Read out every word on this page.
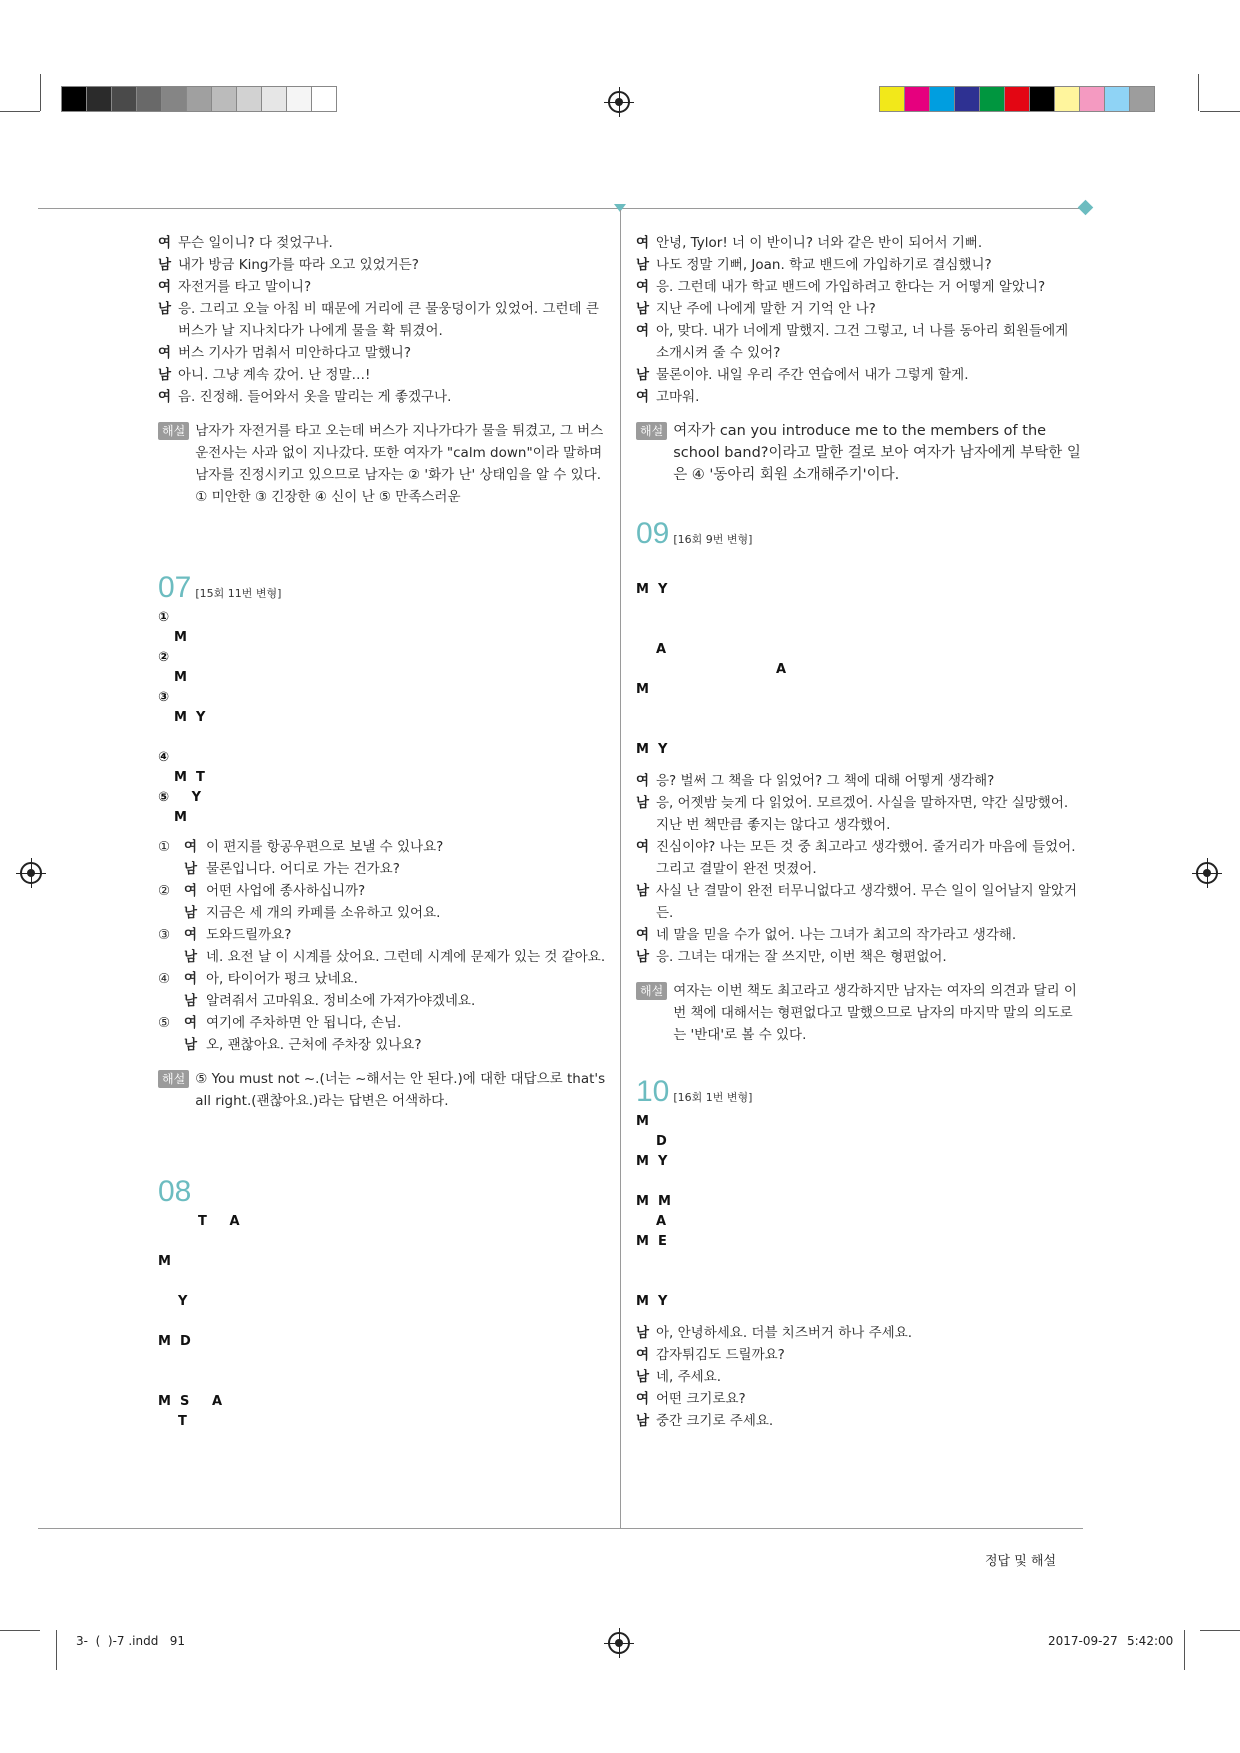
여 무슨 일이니? 다 젖었구나.
남 내가 방금 King가를 따라 오고 있었거든?
여 자전거를 타고 말이니?
남 응. 그리고 오늘 아침 비 때문에 거리에 큰 물웅덩이가 있었어. 그런데 큰 버스가 날 지나치다가 나에게 물을 확 튀겼어.
여 버스 기사가 멈춰서 미안하다고 말했니?
남 아니. 그냥 계속 갔어. 난 정말…!
여 음. 진정해. 들어와서 옷을 말리는 게 좋겠구나.
해설 남자가 자전거를 타고 오는데 버스가 지나가다가 물을 튀겼고, 그 버스 운전사는 사과 없이 지나갔다. 또한 여자가 "calm down"이라 말하며 남자를 진정시키고 있으므로 남자는 ② '화가 난' 상태임을 알 수 있다.
① 미안한 ③ 긴장한 ④ 신이 난 ⑤ 만족스러운
07 [15회 11번 변형]
①
M
②
M
③
M  Y
④
M  T
⑤     Y
M
①	여 이 편지를 항공우편으로 보낼 수 있나요?
남 물론입니다. 어디로 가는 건가요?
②	여 어떤 사업에 종사하십니까?
남 지금은 세 개의 카페를 소유하고 있어요.
③	여 도와드릴까요?
남 네. 요전 날 이 시계를 샀어요. 그런데 시계에 문제가 있는 것 같아요.
④	여 아, 타이어가 펑크 났네요.
남 알려줘서 고마워요. 정비소에 가져가야겠네요.
⑤	여 여기에 주차하면 안 됩니다, 손님.
남 오, 괜찮아요. 근처에 주차장 있나요?
해설 ⑤ You must not ~.(너는 ~해서는 안 된다.)에 대한 대답으로 that's all right.(괜찮아요.)라는 답변은 어색하다.
08
T     A
M
Y
M  D
M  S     A
T
여 안녕, Tylor! 너 이 반이니? 너와 같은 반이 되어서 기뻐.
남 나도 정말 기뻐, Joan. 학교 밴드에 가입하기로 결심했니?
여 응. 그런데 내가 학교 밴드에 가입하려고 한다는 거 어떻게 알았니?
남 지난 주에 나에게 말한 거 기억 안 나?
여 아, 맞다. 내가 너에게 말했지. 그건 그렇고, 너 나를 동아리 회원들에게 소개시켜 줄 수 있어?
남 물론이야. 내일 우리 주간 연습에서 내가 그렇게 할게.
여 고마워.
해설 여자가 can you introduce me to the members of the school band?이라고 말한 걸로 보아 여자가 남자에게 부탁한 일은 ④ '동아리 회원 소개해주기'이다.
09 [16회 9번 변형]
M  Y
A
A
M
M  Y
여 응? 벌써 그 책을 다 읽었어? 그 책에 대해 어떻게 생각해?
남 응, 어젯밤 늦게 다 읽었어. 모르겠어. 사실을 말하자면, 약간 실망했어. 지난 번 책만큼 좋지는 않다고 생각했어.
여 진심이야? 나는 모든 것 중 최고라고 생각했어. 줄거리가 마음에 들었어. 그리고 결말이 완전 멋졌어.
남 사실 난 결말이 완전 터무니없다고 생각했어. 무슨 일이 일어날지 알았거든.
여 네 말을 믿을 수가 없어. 나는 그녀가 최고의 작가라고 생각해.
남 응. 그녀는 대개는 잘 쓰지만, 이번 책은 형편없어.
해설 여자는 이번 책도 최고라고 생각하지만 남자는 여자의 의견과 달리 이번 책에 대해서는 형편없다고 말했으므로 남자의 마지막 말의 의도로는 '반대'로 볼 수 있다.
10 [16회 1번 변형]
M
D
M  Y
M  M
A
M  E
M  Y
남 아, 안녕하세요. 더블 치즈버거 하나 주세요.
여 감자튀김도 드릴까요?
남 네, 주세요.
여 어떤 크기로요?
남 중간 크기로 주세요.
정답 및 해설
3-  (  )-7 .indd   91	2017-09-27 5:42:00
